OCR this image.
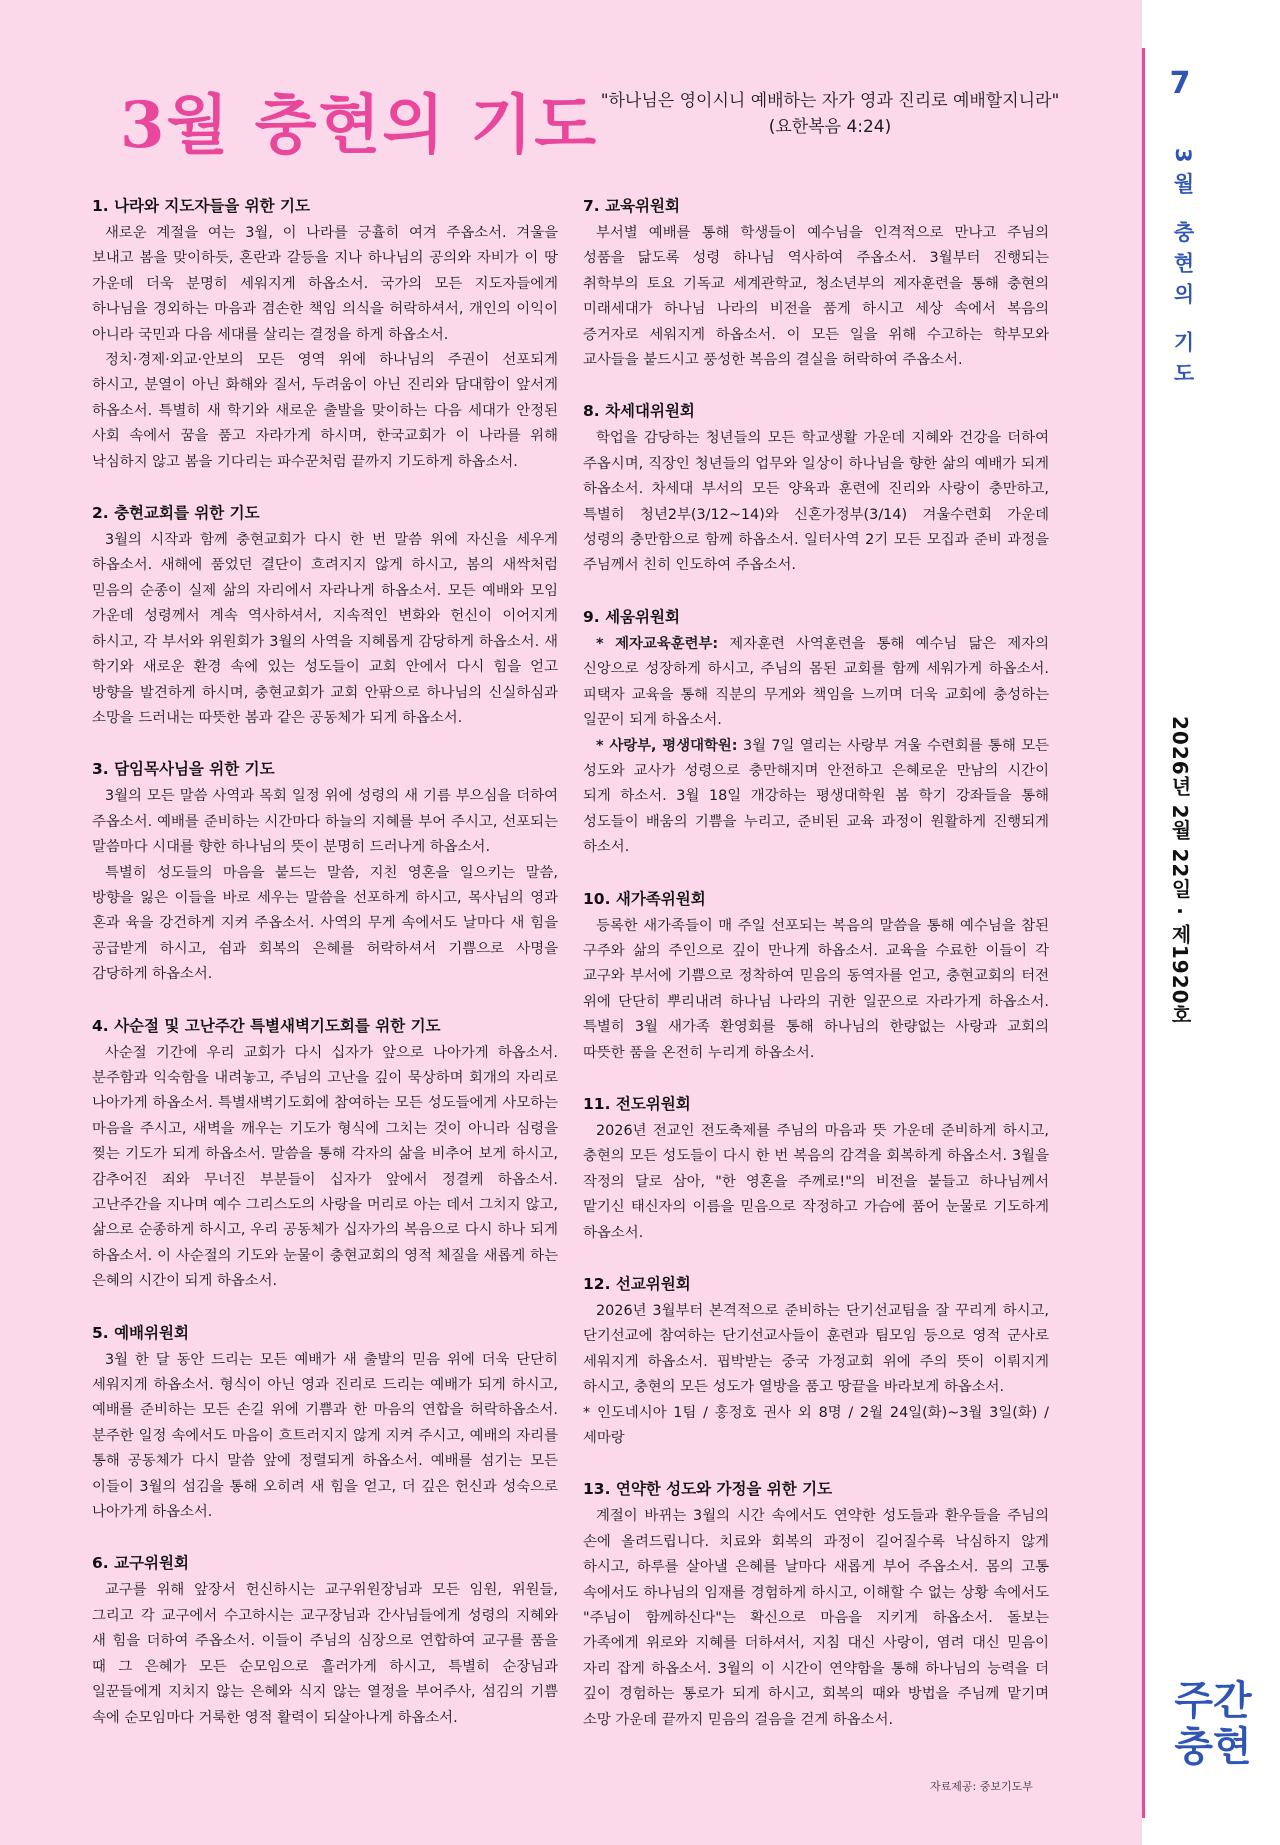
7
3월 충현의 기도
2026년 2월 22일 · 제1920호
주간
충현
3월 충현의 기도 "하나님은 영이시니 예배하는 자가 영과 진리로 예배할지니라"
(요한복음 4:24)
1. 나라와 지도자들을 위한 기도

새로운 계절을 여는 3월, 이 나라를 긍휼히 여겨 주옵소서. 겨울을 보내고 봄을 맞이하듯, 혼란과 갈등을 지나 하나님의 공의와 자비가 이 땅 가운데 더욱 분명히 세워지게 하옵소서. 국가의 모든 지도자들에게 하나님을 경외하는 마음과 겸손한 책임 의식을 허락하셔서, 개인의 이익이 아니라 국민과 다음 세대를 살리는 결정을 하게 하옵소서.

정치·경제·외교·안보의 모든 영역 위에 하나님의 주권이 선포되게 하시고, 분열이 아닌 화해와 질서, 두려움이 아닌 진리와 담대함이 앞서게 하옵소서. 특별히 새 학기와 새로운 출발을 맞이하는 다음 세대가 안정된 사회 속에서 꿈을 품고 자라가게 하시며, 한국교회가 이 나라를 위해 낙심하지 않고 봄을 기다리는 파수꾼처럼 끝까지 기도하게 하옵소서.

2. 충현교회를 위한 기도

3월의 시작과 함께 충현교회가 다시 한 번 말씀 위에 자신을 세우게 하옵소서. 새해에 품었던 결단이 흐려지지 않게 하시고, 봄의 새싹처럼 믿음의 순종이 실제 삶의 자리에서 자라나게 하옵소서. 모든 예배와 모임 가운데 성령께서 계속 역사하셔서, 지속적인 변화와 헌신이 이어지게 하시고, 각 부서와 위원회가 3월의 사역을 지혜롭게 감당하게 하옵소서. 새 학기와 새로운 환경 속에 있는 성도들이 교회 안에서 다시 힘을 얻고 방향을 발견하게 하시며, 충현교회가 교회 안팎으로 하나님의 신실하심과 소망을 드러내는 따뜻한 봄과 같은 공동체가 되게 하옵소서.

3. 담임목사님을 위한 기도

3월의 모든 말씀 사역과 목회 일정 위에 성령의 새 기름 부으심을 더하여 주옵소서. 예배를 준비하는 시간마다 하늘의 지혜를 부어 주시고, 선포되는 말씀마다 시대를 향한 하나님의 뜻이 분명히 드러나게 하옵소서.

특별히 성도들의 마음을 붙드는 말씀, 지친 영혼을 일으키는 말씀, 방향을 잃은 이들을 바로 세우는 말씀을 선포하게 하시고, 목사님의 영과 혼과 육을 강건하게 지켜 주옵소서. 사역의 무게 속에서도 날마다 새 힘을 공급받게 하시고, 쉼과 회복의 은혜를 허락하셔서 기쁨으로 사명을 감당하게 하옵소서.

4. 사순절 및 고난주간 특별새벽기도회를 위한 기도

사순절 기간에 우리 교회가 다시 십자가 앞으로 나아가게 하옵소서. 분주함과 익숙함을 내려놓고, 주님의 고난을 깊이 묵상하며 회개의 자리로 나아가게 하옵소서. 특별새벽기도회에 참여하는 모든 성도들에게 사모하는 마음을 주시고, 새벽을 깨우는 기도가 형식에 그치는 것이 아니라 심령을 찢는 기도가 되게 하옵소서. 말씀을 통해 각자의 삶을 비추어 보게 하시고, 감추어진 죄와 무너진 부분들이 십자가 앞에서 정결케 하옵소서. 고난주간을 지나며 예수 그리스도의 사랑을 머리로 아는 데서 그치지 않고, 삶으로 순종하게 하시고, 우리 공동체가 십자가의 복음으로 다시 하나 되게 하옵소서. 이 사순절의 기도와 눈물이 충현교회의 영적 체질을 새롭게 하는 은혜의 시간이 되게 하옵소서.

5. 예배위원회

3월 한 달 동안 드리는 모든 예배가 새 출발의 믿음 위에 더욱 단단히 세워지게 하옵소서. 형식이 아닌 영과 진리로 드리는 예배가 되게 하시고, 예배를 준비하는 모든 손길 위에 기쁨과 한 마음의 연합을 허락하옵소서. 분주한 일정 속에서도 마음이 흐트러지지 않게 지켜 주시고, 예배의 자리를 통해 공동체가 다시 말씀 앞에 정렬되게 하옵소서. 예배를 섬기는 모든 이들이 3월의 섬김을 통해 오히려 새 힘을 얻고, 더 깊은 헌신과 성숙으로 나아가게 하옵소서.

6. 교구위원회

교구를 위해 앞장서 헌신하시는 교구위원장님과 모든 임원, 위원들, 그리고 각 교구에서 수고하시는 교구장님과 간사님들에게 성령의 지혜와 새 힘을 더하여 주옵소서. 이들이 주님의 심장으로 연합하여 교구를 품을 때 그 은혜가 모든 순모임으로 흘러가게 하시고, 특별히 순장님과 일꾼들에게 지치지 않는 은혜와 식지 않는 열정을 부어주사, 섬김의 기쁨 속에 순모임마다 거룩한 영적 활력이 되살아나게 하옵소서.

7. 교육위원회

부서별 예배를 통해 학생들이 예수님을 인격적으로 만나고 주님의 성품을 닮도록 성령 하나님 역사하여 주옵소서. 3월부터 진행되는 취학부의 토요 기독교 세계관학교, 청소년부의 제자훈련을 통해 충현의 미래세대가 하나님 나라의 비전을 품게 하시고 세상 속에서 복음의 증거자로 세워지게 하옵소서. 이 모든 일을 위해 수고하는 학부모와 교사들을 붙드시고 풍성한 복음의 결실을 허락하여 주옵소서.

8. 차세대위원회

학업을 감당하는 청년들의 모든 학교생활 가운데 지혜와 건강을 더하여 주옵시며, 직장인 청년들의 업무와 일상이 하나님을 향한 삶의 예배가 되게 하옵소서. 차세대 부서의 모든 양육과 훈련에 진리와 사랑이 충만하고, 특별히 청년2부(3/12~14)와 신혼가정부(3/14) 겨울수련회 가운데 성령의 충만함으로 함께 하옵소서. 일터사역 2기 모든 모집과 준비 과정을 주님께서 친히 인도하여 주옵소서.

9. 세움위원회

* 제자교육훈련부: 제자훈련 사역훈련을 통해 예수님 닮은 제자의 신앙으로 성장하게 하시고, 주님의 몸된 교회를 함께 세워가게 하옵소서. 피택자 교육을 통해 직분의 무게와 책임을 느끼며 더욱 교회에 충성하는 일꾼이 되게 하옵소서.

* 사랑부, 평생대학원: 3월 7일 열리는 사랑부 겨울 수련회를 통해 모든 성도와 교사가 성령으로 충만해지며 안전하고 은혜로운 만남의 시간이 되게 하소서. 3월 18일 개강하는 평생대학원 봄 학기 강좌들을 통해 성도들이 배움의 기쁨을 누리고, 준비된 교육 과정이 원활하게 진행되게 하소서.

10. 새가족위원회

등록한 새가족들이 매 주일 선포되는 복음의 말씀을 통해 예수님을 참된 구주와 삶의 주인으로 깊이 만나게 하옵소서. 교육을 수료한 이들이 각 교구와 부서에 기쁨으로 정착하여 믿음의 동역자를 얻고, 충현교회의 터전 위에 단단히 뿌리내려 하나님 나라의 귀한 일꾼으로 자라가게 하옵소서. 특별히 3월 새가족 환영회를 통해 하나님의 한량없는 사랑과 교회의 따뜻한 품을 온전히 누리게 하옵소서.

11. 전도위원회

2026년 전교인 전도축제를 주님의 마음과 뜻 가운데 준비하게 하시고, 충현의 모든 성도들이 다시 한 번 복음의 감격을 회복하게 하옵소서. 3월을 작정의 달로 삼아, "한 영혼을 주께로!"의 비전을 붙들고 하나님께서 맡기신 태신자의 이름을 믿음으로 작정하고 가슴에 품어 눈물로 기도하게 하옵소서.

12. 선교위원회

2026년 3월부터 본격적으로 준비하는 단기선교팀을 잘 꾸리게 하시고, 단기선교에 참여하는 단기선교사들이 훈련과 팀모임 등으로 영적 군사로 세워지게 하옵소서. 핍박받는 중국 가정교회 위에 주의 뜻이 이뤄지게 하시고, 충현의 모든 성도가 열방을 품고 땅끝을 바라보게 하옵소서.

* 인도네시아 1팀 / 홍정호 권사 외 8명 / 2월 24일(화)~3월 3일(화) / 세마랑

13. 연약한 성도와 가정을 위한 기도

계절이 바뀌는 3월의 시간 속에서도 연약한 성도들과 환우들을 주님의 손에 올려드립니다. 치료와 회복의 과정이 길어질수록 낙심하지 않게 하시고, 하루를 살아낼 은혜를 날마다 새롭게 부어 주옵소서. 몸의 고통 속에서도 하나님의 임재를 경험하게 하시고, 이해할 수 없는 상황 속에서도 "주님이 함께하신다"는 확신으로 마음을 지키게 하옵소서. 돌보는 가족에게 위로와 지혜를 더하셔서, 지침 대신 사랑이, 염려 대신 믿음이 자리 잡게 하옵소서. 3월의 이 시간이 연약함을 통해 하나님의 능력을 더 깊이 경험하는 통로가 되게 하시고, 회복의 때와 방법을 주님께 맡기며 소망 가운데 끝까지 믿음의 걸음을 걷게 하옵소서.

자료제공: 중보기도부
